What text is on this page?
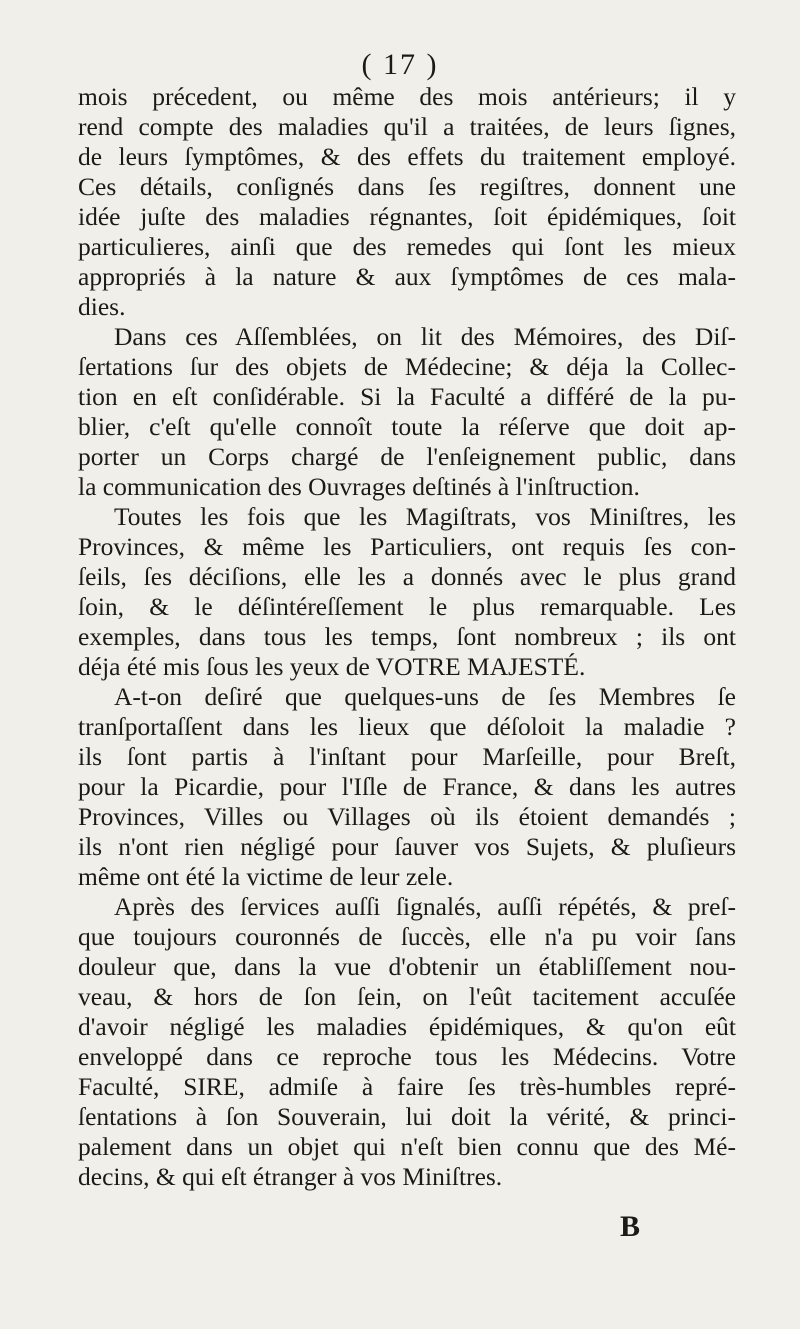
( 17 )
mois précedent, ou même des mois antérieurs; il y
rend compte des maladies qu'il a traitées, de leurs ſignes,
de leurs ſymptômes, & des effets du traitement employé.
Ces détails, conſignés dans ſes regiſtres, donnent une
idée juſte des maladies régnantes, ſoit épidémiques, ſoit
particulieres, ainſi que des remedes qui ſont les mieux
appropriés à la nature & aux ſymptômes de ces mala-
dies.
Dans ces Aſſemblées, on lit des Mémoires, des Diſ-
ſertations ſur des objets de Médecine; & déja la Collec-
tion en eſt conſidérable. Si la Faculté a différé de la pu-
blier, c'eſt qu'elle connoît toute la réſerve que doit ap-
porter un Corps chargé de l'enſeignement public, dans
la communication des Ouvrages deſtinés à l'inſtruction.
Toutes les fois que les Magiſtrats, vos Miniſtres, les
Provinces, & même les Particuliers, ont requis ſes con-
ſeils, ſes déciſions, elle les a donnés avec le plus grand
ſoin, & le déſintéreſſement le plus remarquable. Les
exemples, dans tous les temps, ſont nombreux ; ils ont
déja été mis ſous les yeux de VOTRE MAJESTÉ.
A-t-on deſiré que quelques-uns de ſes Membres ſe
tranſportaſſent dans les lieux que déſoloit la maladie ?
ils ſont partis à l'inſtant pour Marſeille, pour Breſt,
pour la Picardie, pour l'Iſle de France, & dans les autres
Provinces, Villes ou Villages où ils étoient demandés ;
ils n'ont rien négligé pour ſauver vos Sujets, & pluſieurs
même ont été la victime de leur zele.
Après des ſervices auſſi ſignalés, auſſi répétés, & preſ-
que toujours couronnés de ſuccès, elle n'a pu voir ſans
douleur que, dans la vue d'obtenir un établiſſement nou-
veau, & hors de ſon ſein, on l'eût tacitement accuſée
d'avoir négligé les maladies épidémiques, & qu'on eût
enveloppé dans ce reproche tous les Médecins. Votre
Faculté, SIRE, admiſe à faire ſes très-humbles repré-
ſentations à ſon Souverain, lui doit la vérité, & princi-
palement dans un objet qui n'eſt bien connu que des Mé-
decins, & qui eſt étranger à vos Miniſtres.
B
